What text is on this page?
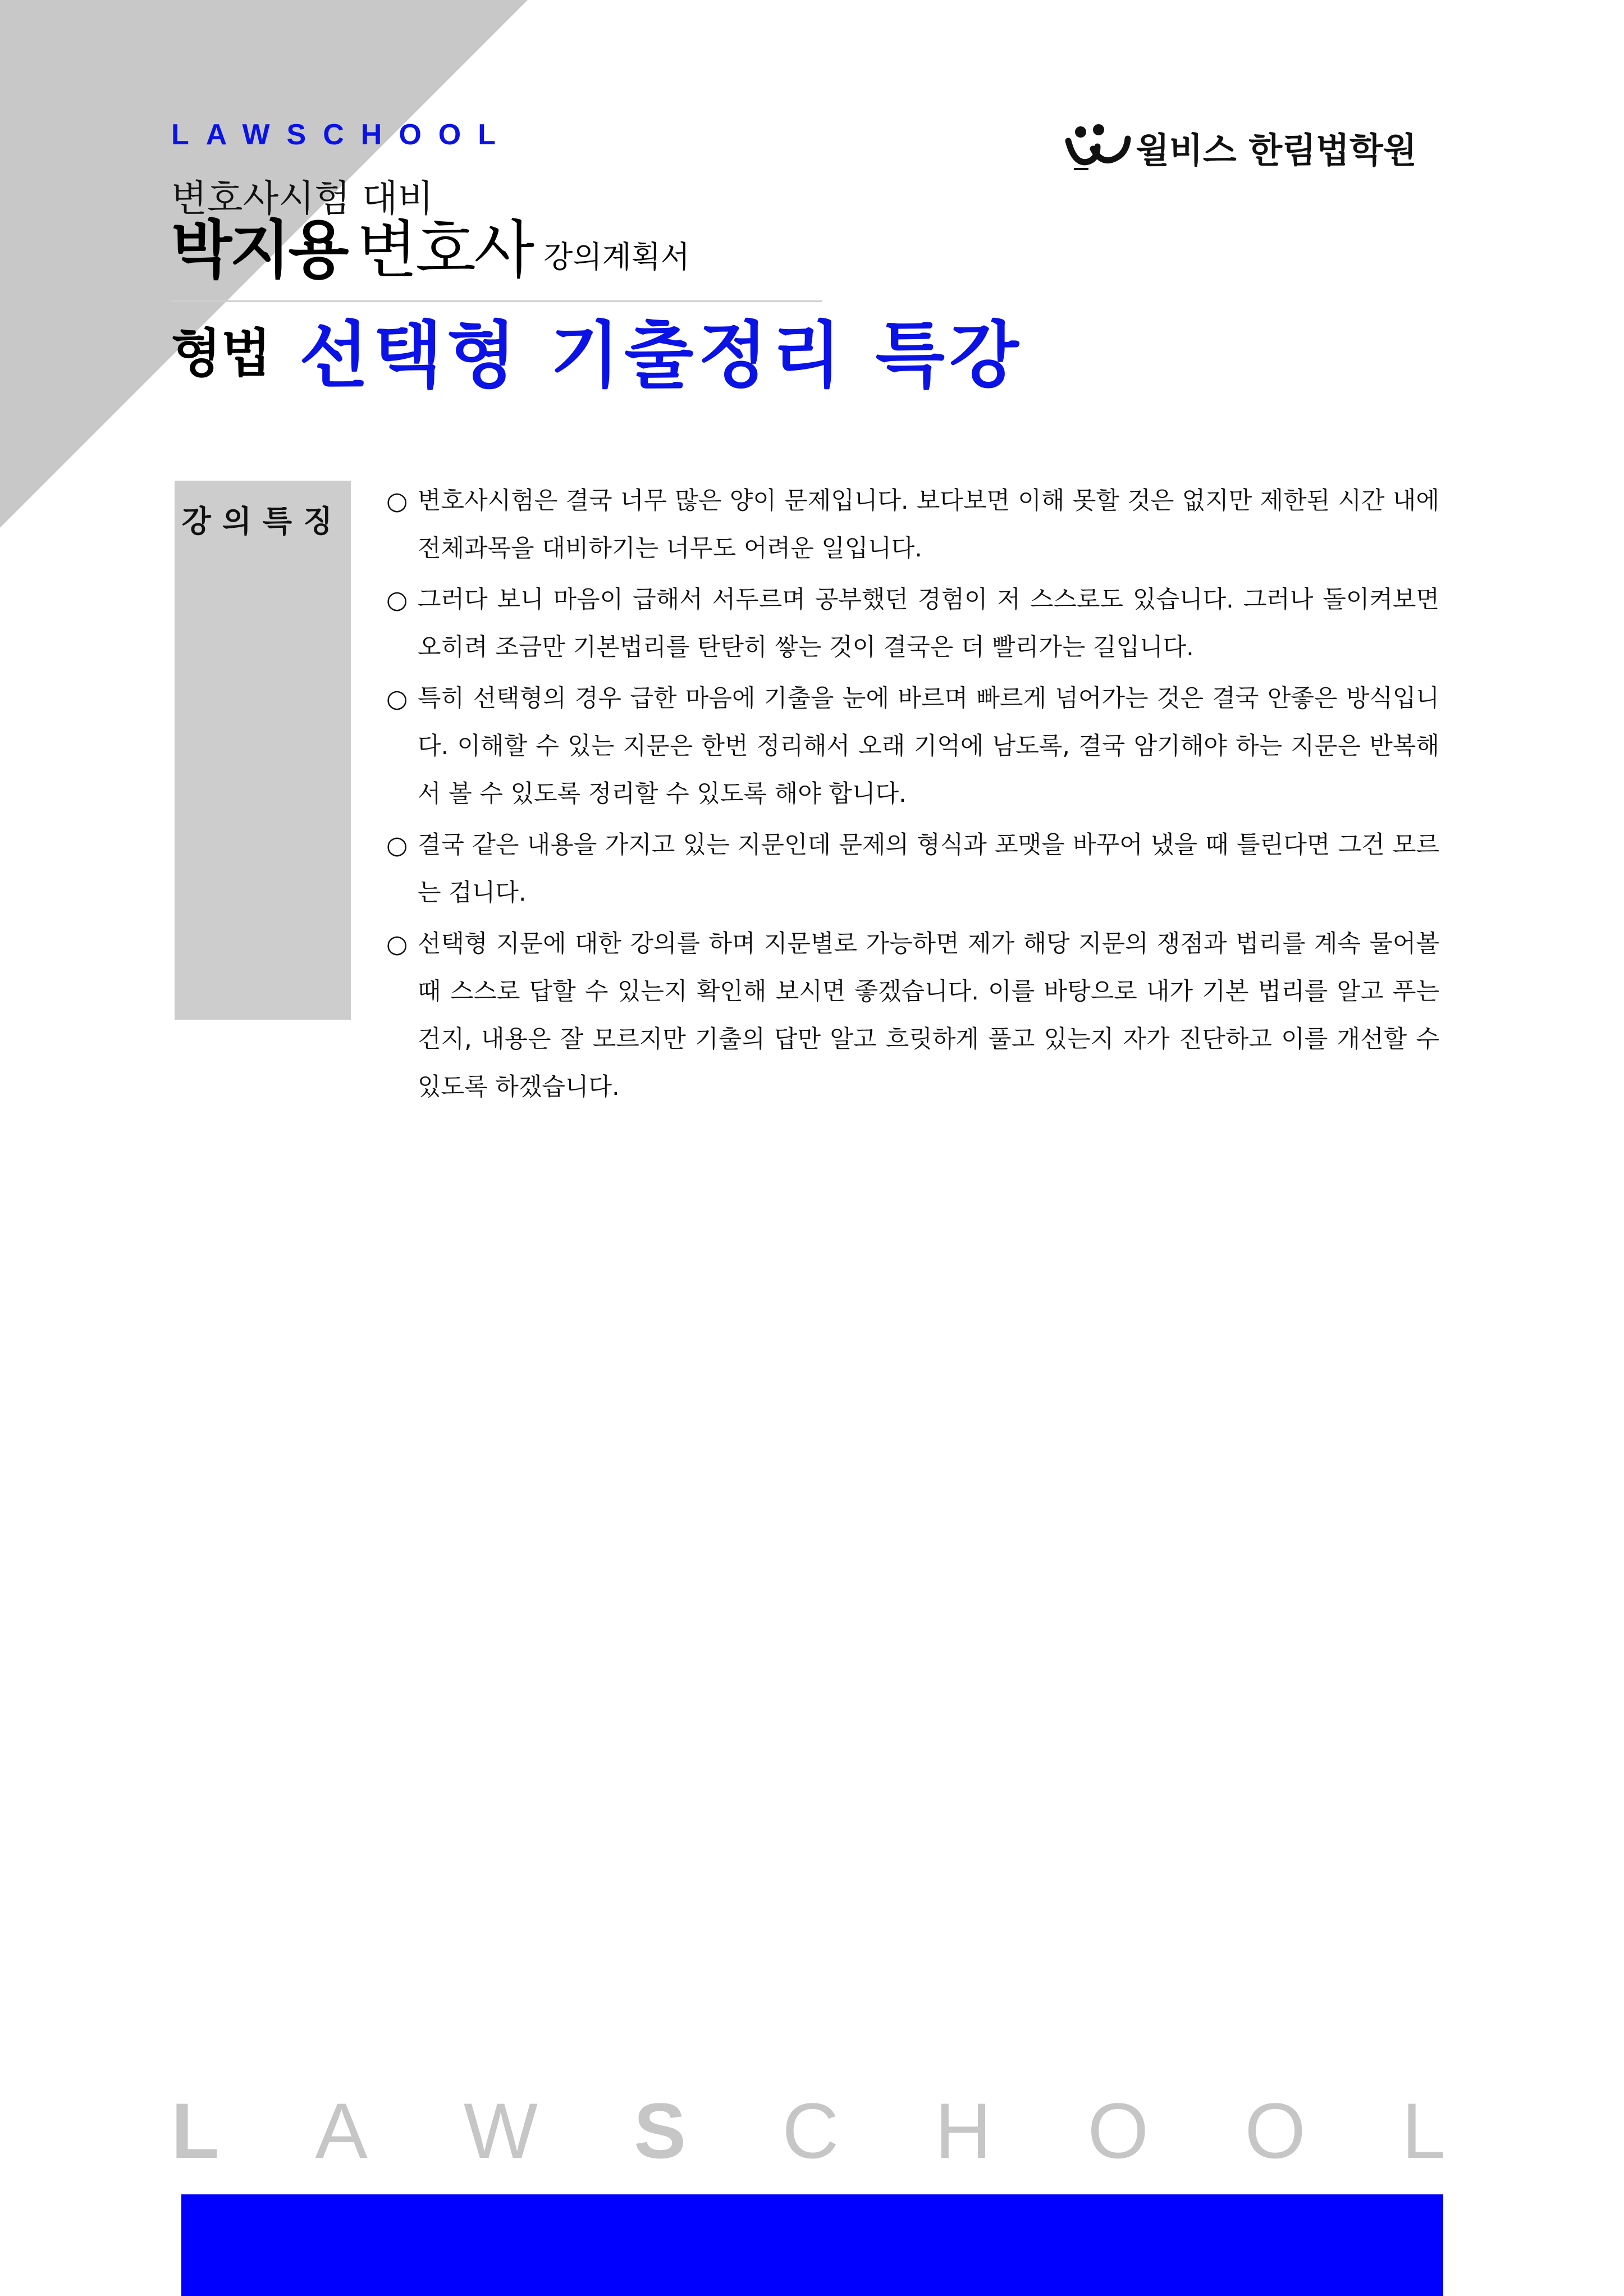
LAWSCHOOL	윌비스 한림법학원
변호사시험 대비
박지용 변호사 강의계획서
형법 선택형 기출정리 특강
강의특징
○ 변호사시험은 결국 너무 많은 양이 문제입니다. 보다보면 이해 못할 것은 없지만 제한된 시간 내에 전체과목을 대비하기는 너무도 어려운 일입니다.
○ 그러다 보니 마음이 급해서 서두르며 공부했던 경험이 저 스스로도 있습니다. 그러나 돌이켜보면 오히려 조금만 기본법리를 탄탄히 쌓는 것이 결국은 더 빨리가는 길입니다.
○ 특히 선택형의 경우 급한 마음에 기출을 눈에 바르며 빠르게 넘어가는 것은 결국 안좋은 방식입니다. 이해할 수 있는 지문은 한번 정리해서 오래 기억에 남도록, 결국 암기해야 하는 지문은 반복해서 볼 수 있도록 정리할 수 있도록 해야 합니다.
○ 결국 같은 내용을 가지고 있는 지문인데 문제의 형식과 포맷을 바꾸어 냈을 때 틀린다면 그건 모르는 겁니다.
○ 선택형 지문에 대한 강의를 하며 지문별로 가능하면 제가 해당 지문의 쟁점과 법리를 계속 물어볼 때 스스로 답할 수 있는지 확인해 보시면 좋겠습니다. 이를 바탕으로 내가 기본 법리를 알고 푸는건지, 내용은 잘 모르지만 기출의 답만 알고 흐릿하게 풀고 있는지 자가 진단하고 이를 개선할 수 있도록 하겠습니다.
L A W S C H O O L
